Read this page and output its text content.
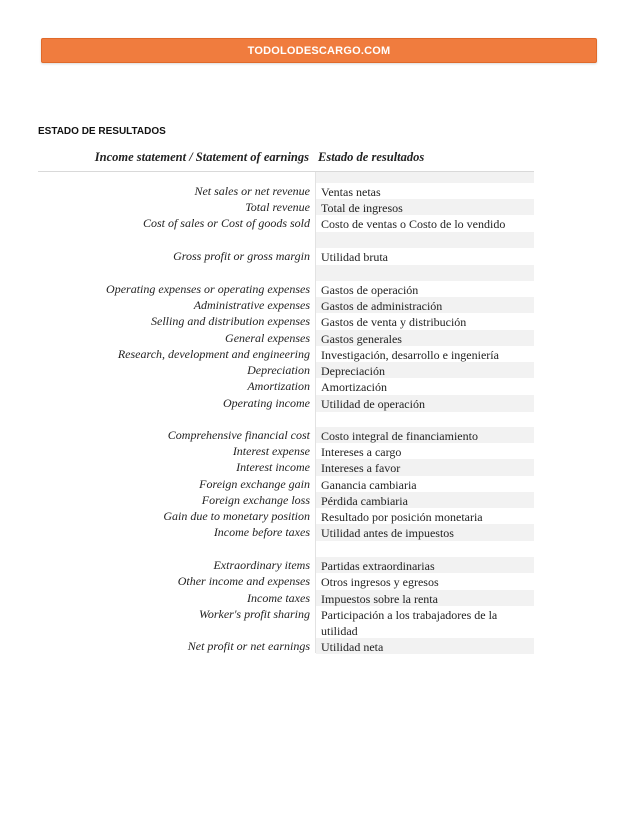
TODOLODESCARGO.COM
ESTADO DE RESULTADOS
Income statement / Statement of earnings Estado de resultados
Net sales or net revenue Ventas netas
Total revenue Total de ingresos
Cost of sales or Cost of goods sold Costo de ventas o Costo de lo vendido
Gross profit or gross margin Utilidad bruta
Operating expenses or operating expenses Gastos de operación
Administrative expenses Gastos de administración
Selling and distribution expenses Gastos de venta y distribución
General expenses Gastos generales
Research, development and engineering Investigación, desarrollo e ingeniería
Depreciation Depreciación
Amortization Amortización
Operating income Utilidad de operación
Comprehensive financial cost Costo integral de financiamiento
Interest expense Intereses a cargo
Interest income Intereses a favor
Foreign exchange gain Ganancia cambiaria
Foreign exchange loss Pérdida cambiaria
Gain due to monetary position Resultado por posición monetaria
Income before taxes Utilidad antes de impuestos
Extraordinary items Partidas extraordinarias
Other income and expenses Otros ingresos y egresos
Income taxes Impuestos sobre la renta
Worker's profit sharing Participación a los trabajadores de la utilidad
Net profit or net earnings Utilidad neta
